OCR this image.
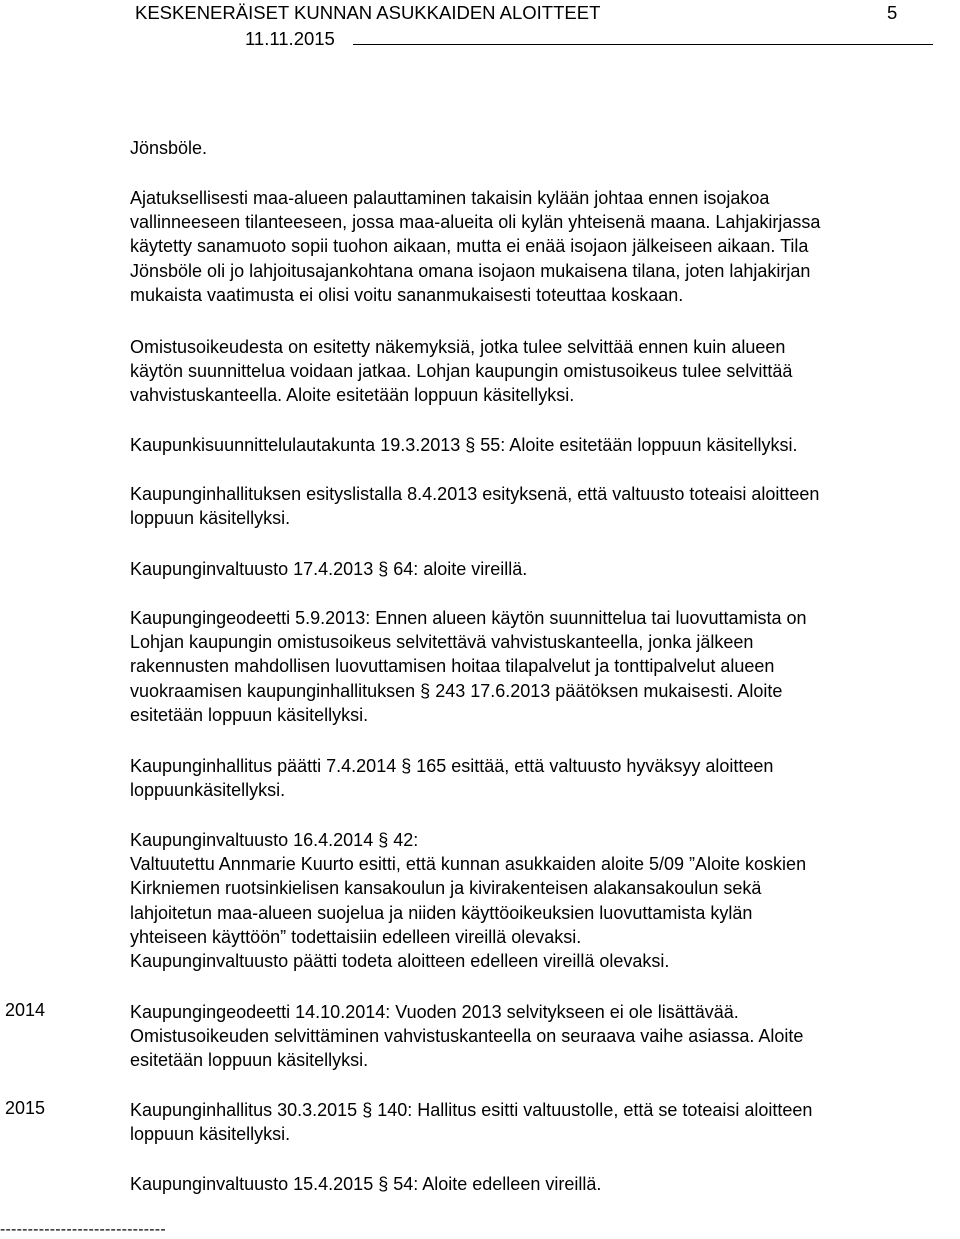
KESKENERÄISET KUNNAN ASUKKAIDEN ALOITTEET	5
11.11.2015
Jönsböle.
Ajatuksellisesti maa-alueen palauttaminen takaisin kylään johtaa ennen isojakoa
vallinneeseen tilanteeseen, jossa maa-alueita oli kylän yhteisenä maana. Lahjakirjassa
käytetty sanamuoto sopii tuohon aikaan, mutta ei enää isojaon jälkeiseen aikaan. Tila
Jönsböle oli jo lahjoitusajankohtana omana isojaon mukaisena tilana, joten lahjakirjan
mukaista vaatimusta ei olisi voitu sananmukaisesti toteuttaa koskaan.
Omistusoikeudesta on esitetty näkemyksiä, jotka tulee selvittää ennen kuin alueen
käytön suunnittelua voidaan jatkaa. Lohjan kaupungin omistusoikeus tulee selvittää
vahvistuskanteella. Aloite esitetään loppuun käsitellyksi.
Kaupunkisuunnittelulautakunta 19.3.2013 § 55: Aloite esitetään loppuun käsitellyksi.
Kaupunginhallituksen esityslistalla 8.4.2013 esityksenä, että valtuusto toteaisi aloitteen
loppuun käsitellyksi.
Kaupunginvaltuusto 17.4.2013 § 64: aloite vireillä.
Kaupungingeodeetti 5.9.2013: Ennen alueen käytön suunnittelua tai luovuttamista on
Lohjan kaupungin omistusoikeus selvitettävä vahvistuskanteella, jonka jälkeen
rakennusten mahdollisen luovuttamisen hoitaa tilapalvelut ja tonttipalvelut alueen
vuokraamisen kaupunginhallituksen § 243 17.6.2013 päätöksen mukaisesti. Aloite
esitetään loppuun käsitellyksi.
Kaupunginhallitus päätti 7.4.2014 § 165 esittää, että valtuusto hyväksyy aloitteen
loppuunkäsitellyksi.
Kaupunginvaltuusto 16.4.2014 § 42:
Valtuutettu Annmarie Kuurto esitti, että kunnan asukkaiden aloite 5/09 ”Aloite koskien
Kirkniemen ruotsinkielisen kansakoulun ja kivirakenteisen alakansakoulun sekä
lahjoitetun maa-alueen suojelua ja niiden käyttöoikeuksien luovuttamista kylän
yhteiseen käyttöön” todettaisiin edelleen vireillä olevaksi.
Kaupunginvaltuusto päätti todeta aloitteen edelleen vireillä olevaksi.
2014	Kaupungingeodeetti 14.10.2014: Vuoden 2013 selvitykseen ei ole lisättävää.
Omistusoikeuden selvittäminen vahvistuskanteella on seuraava vaihe asiassa. Aloite
esitetään loppuun käsitellyksi.
2015	Kaupunginhallitus 30.3.2015 § 140: Hallitus esitti valtuustolle, että se toteaisi aloitteen
loppuun käsitellyksi.
Kaupunginvaltuusto 15.4.2015 § 54: Aloite edelleen vireillä.
------------------------------
